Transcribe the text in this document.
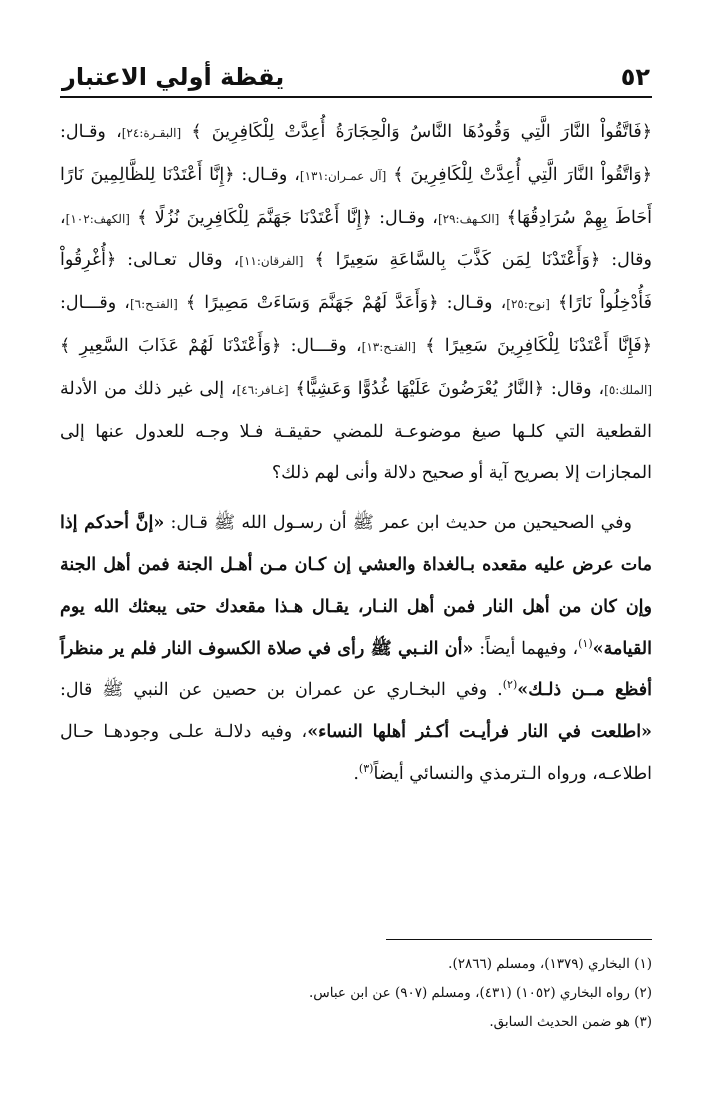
٥٢
يقظة أولي الاعتبار

﴿فَاتَّقُواْ النَّارَ الَّتِي وَقُودُهَا النَّاسُ وَالْحِجَارَةُ أُعِدَّتْ لِلْكَافِرِينَ ﴾ [البقـرة:٢٤]، وقـال: ﴿وَاتَّقُواْ النَّارَ الَّتِي أُعِدَّتْ لِلْكَافِرِينَ ﴾ [آل عمـران:١٣١]، وقـال: ﴿إِنَّا أَعْتَدْنَا لِلظَّالِمِينَ نَارًا أَحَاطَ بِهِمْ سُرَادِقُهَا﴾ [الكـهف:٢٩]، وقـال: ﴿إِنَّا أَعْتَدْنَا جَهَنَّمَ لِلْكَافِرِينَ نُزُلًا ﴾ [الكهف:١٠٢]، وقال: ﴿وَأَعْتَدْنَا لِمَن كَذَّبَ بِالسَّاعَةِ سَعِيرًا ﴾ [الفرقان:١١]، وقال تعـالى: ﴿أُغْرِقُواْ فَأُدْخِلُواْ نَارًا﴾ [نوح:٢٥]، وقـال: ﴿وَأَعَدَّ لَهُمْ جَهَنَّمَ وَسَاءَتْ مَصِيرًا ﴾ [الفتـح:٦]، وقـــال: ﴿فَإِنَّا أَعْتَدْنَا لِلْكَافِرِينَ سَعِيرًا ﴾ [الفتـح:١٣]، وقـــال: ﴿وَأَعْتَدْنَا لَهُمْ عَذَابَ السَّعِيرِ ﴾ [الملك:٥]، وقال: ﴿النَّارُ يُعْرَضُونَ عَلَيْهَا غُدُوًّا وَعَشِيًّا﴾ [غـافر:٤٦]، إلى غير ذلك من الأدلة القطعية التي كلـها صيغ موضوعـة للمضي حقيقـة فـلا وجـه للعدول عنها إلى المجازات إلا بصريح آية أو صحيح دلالة وأنى لهم ذلك؟

وفي الصحيحين من حديث ابن عمر ﷺ أن رسـول الله ﷺ قـال: «إنَّ أحدكم إذا مات عرض عليه مقعده بـالغداة والعشي إن كـان مـن أهـل الجنة فمن أهل الجنة وإن كان من أهل النار فمن أهل النـار، يقـال هـذا مقعدك حتى يبعثك الله يوم القيامة»$^{(١)}$، وفيهما أيضاً: «أن النـبي ﷺ رأى في صلاة الكسوف النار فلم ير منظراً أفظع مــن ذلـك»$^{(٢)}$. وفي البخـاري عن عمران بن حصين عن النبي ﷺ قال: «اطلعت في النار فرأيـت أكـثر أهلها النساء»، وفيه دلالـة علـى وجودهـا حـال اطلاعـه، ورواه الـترمذي والنسائي أيضاً$^{(٣)}$.

(١) البخاري (١٣٧٩)، ومسلم (٢٨٦٦).

(٢) رواه البخاري (١٠٥٢) (٤٣١)، ومسلم (٩٠٧) عن ابن عباس.

(٣) هو ضمن الحديث السابق.
